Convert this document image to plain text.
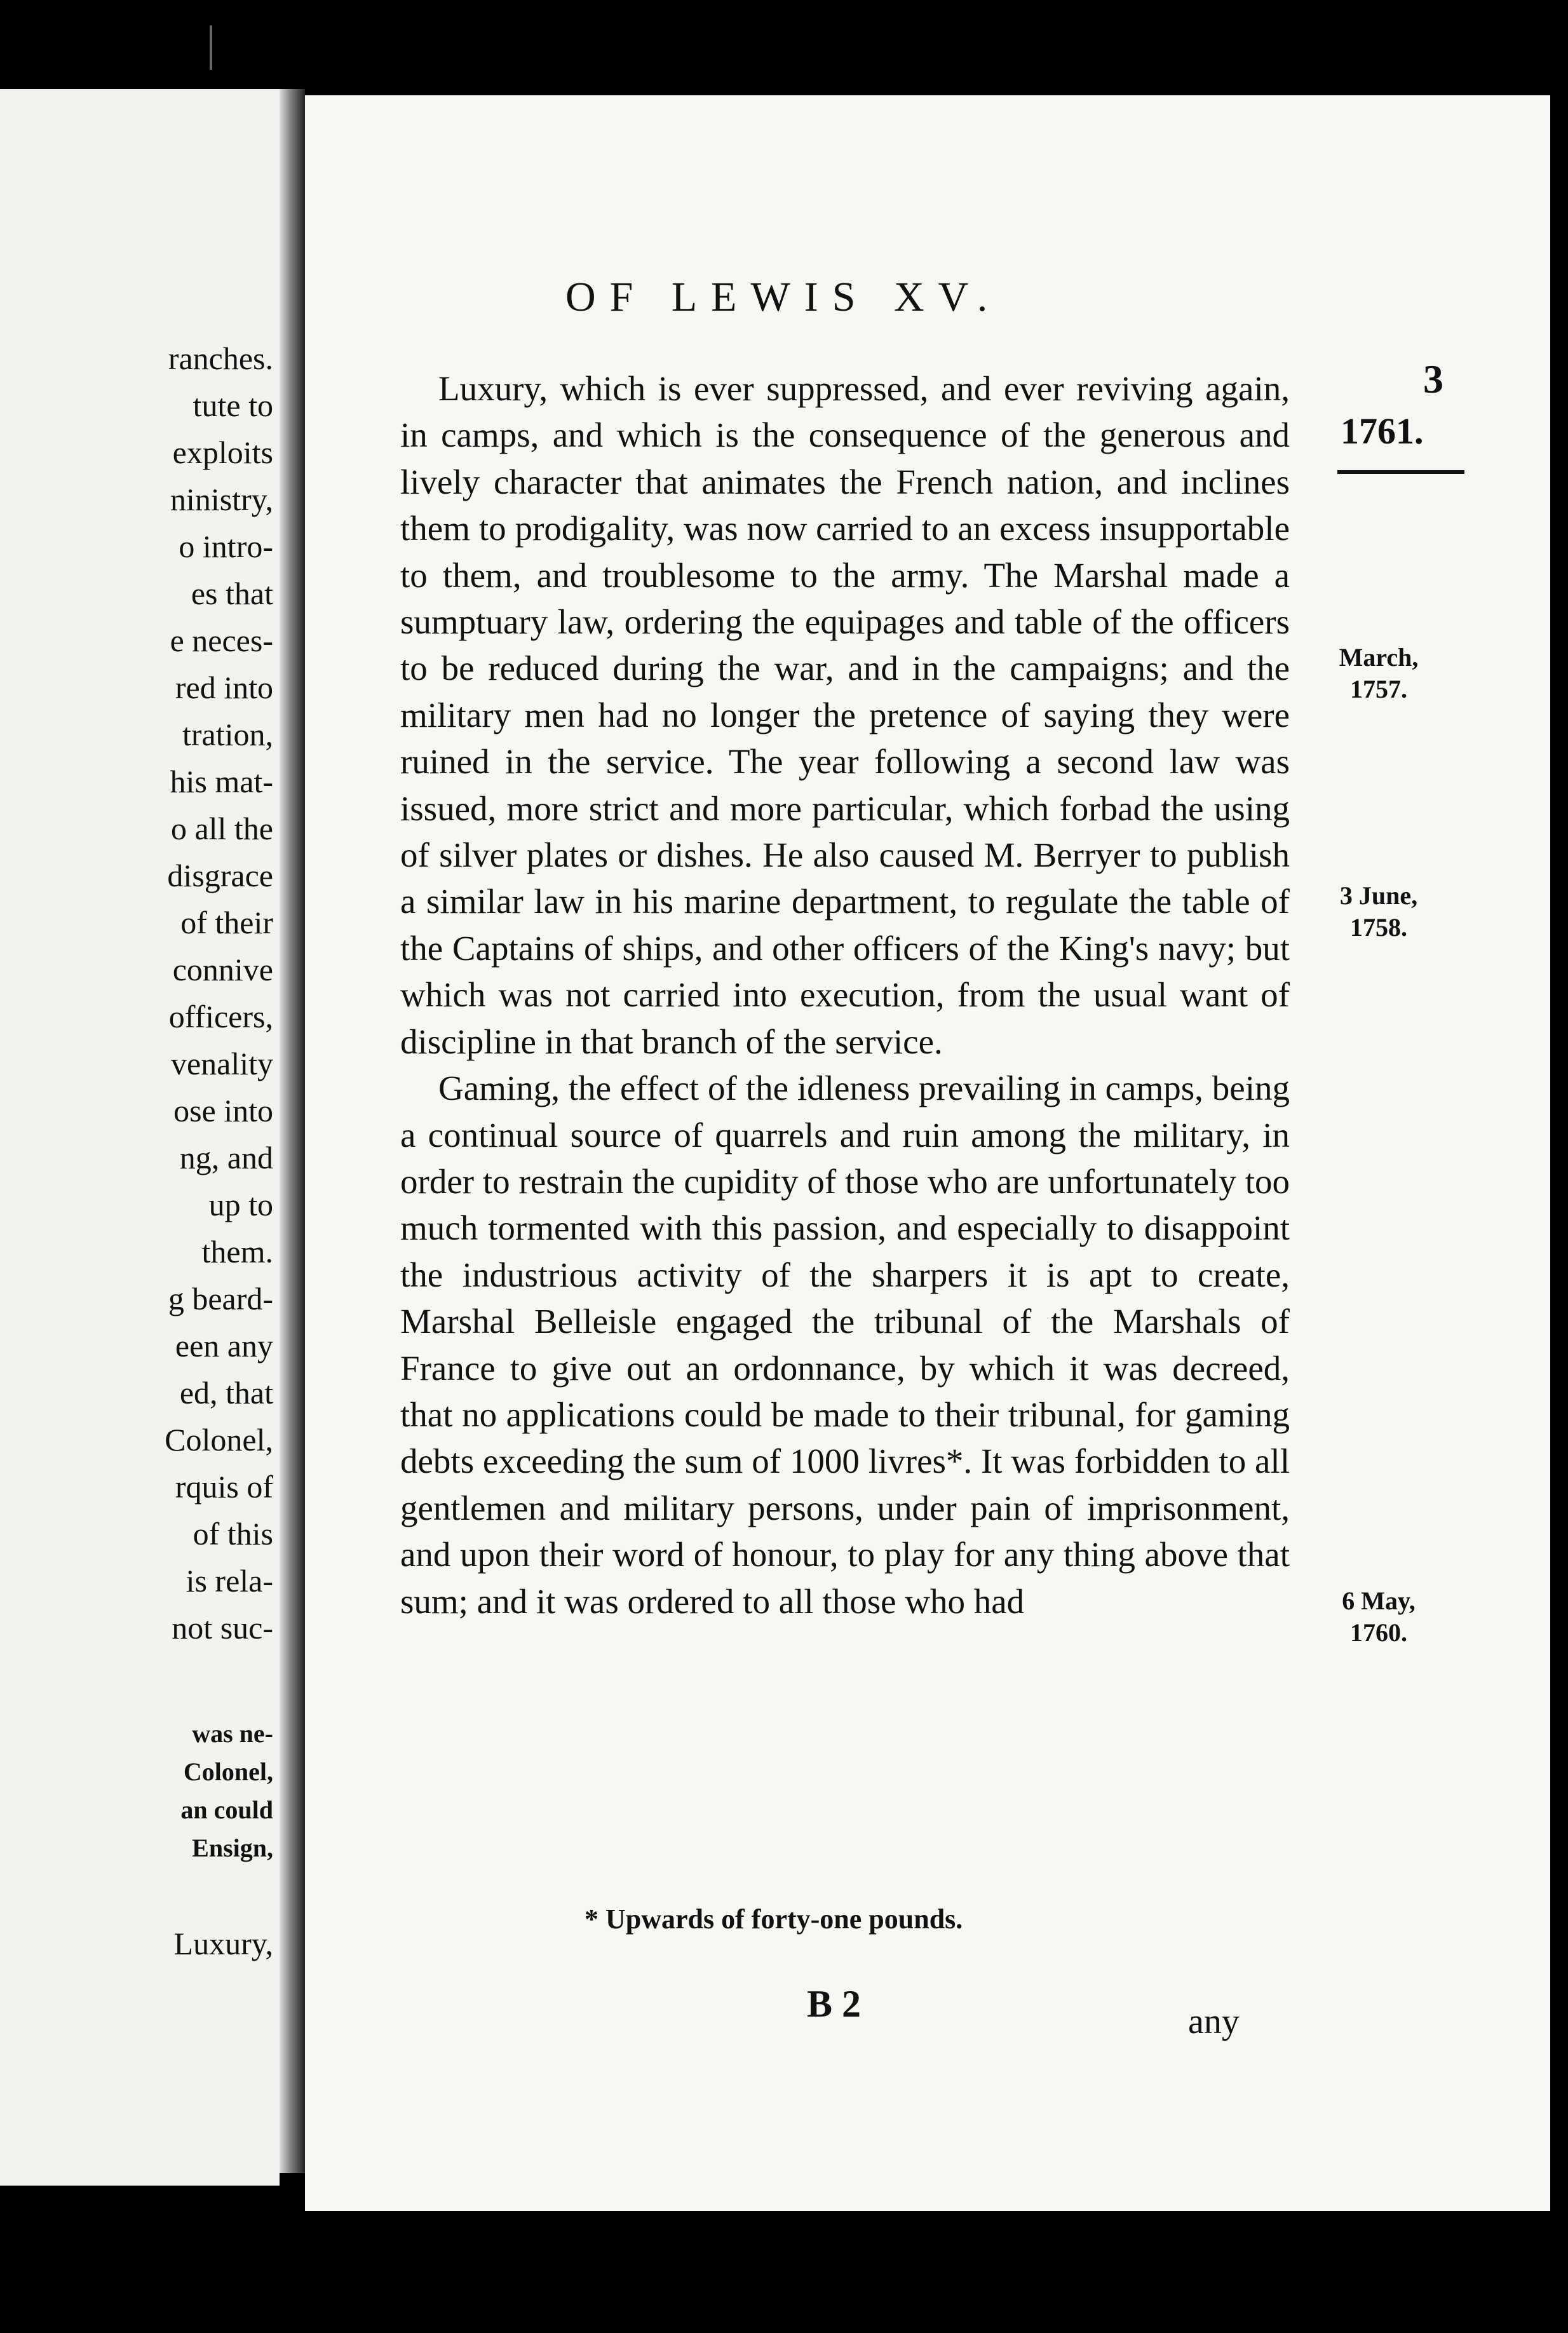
ranches.
tute to
exploits
ninistry,
o intro-
es that
e neces-
red into
tration,
his mat-
o all the
disgrace
of their
connive
officers,
venality
ose into
ng, and
up to
them.
g beard-
een any
ed, that
Colonel,
rquis of
of this
is rela-
not suc-
was ne-
Colonel,
an could
Ensign,
Luxury,
OF LEWIS XV.
3
1761.
March,
1757.
3 June,
1758.
6 May,
1760.

Luxury, which is ever suppressed, and ever reviving again, in camps, and which is the consequence of the generous and lively character that animates the French nation, and inclines them to prodigality, was now carried to an excess insupportable to them, and troublesome to the army. The Marshal made a sumptuary law, ordering the equipages and table of the officers to be reduced during the war, and in the campaigns; and the military men had no longer the pretence of saying they were ruined in the service. The year following a second law was issued, more strict and more particular, which forbad the using of silver plates or dishes. He also caused M. Berryer to publish a similar law in his marine department, to regulate the table of the Captains of ships, and other officers of the King's navy; but which was not carried into execution, from the usual want of discipline in that branch of the service.

Gaming, the effect of the idleness prevailing in camps, being a continual source of quarrels and ruin among the military, in order to restrain the cupidity of those who are unfortunately too much tormented with this passion, and especially to disappoint the industrious activity of the sharpers it is apt to create, Marshal Belleisle engaged the tribunal of the Marshals of France to give out an ordonnance, by which it was decreed, that no applications could be made to their tribunal, for gaming debts exceeding the sum of 1000 livres*. It was forbidden to all gentlemen and military persons, under pain of imprisonment, and upon their word of honour, to play for any thing above that sum; and it was ordered to all those who had

* Upwards of forty-one pounds.
B 2	any
